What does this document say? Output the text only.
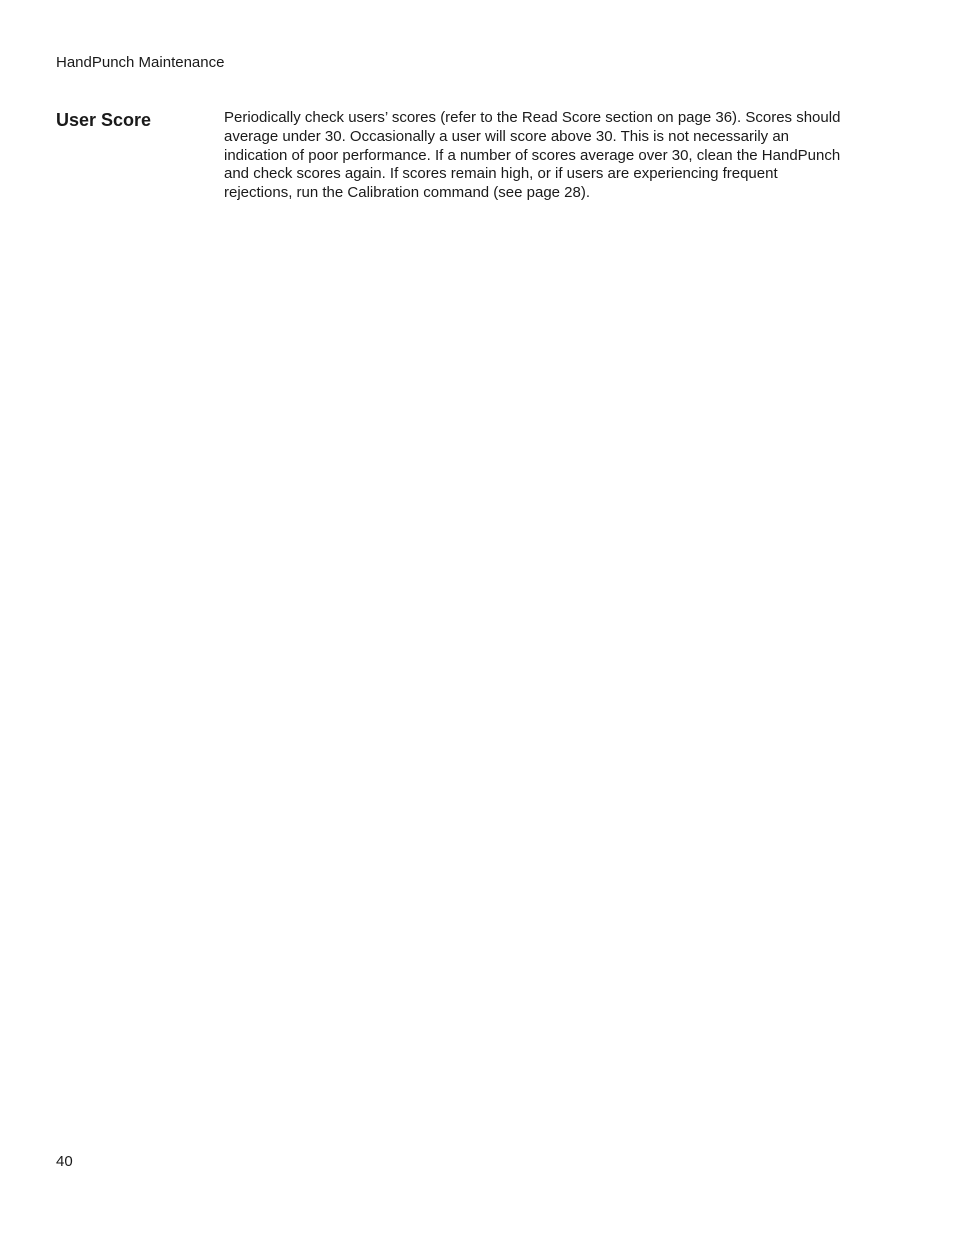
HandPunch Maintenance
User Score	Periodically check users’ scores (refer to the Read Score section on page 36). Scores should average under 30. Occasionally a user will score above 30. This is not necessarily an indication of poor performance. If a number of scores average over 30, clean the HandPunch and check scores again. If scores remain high, or if users are experiencing frequent rejections, run the Calibration command (see page 28).

40
